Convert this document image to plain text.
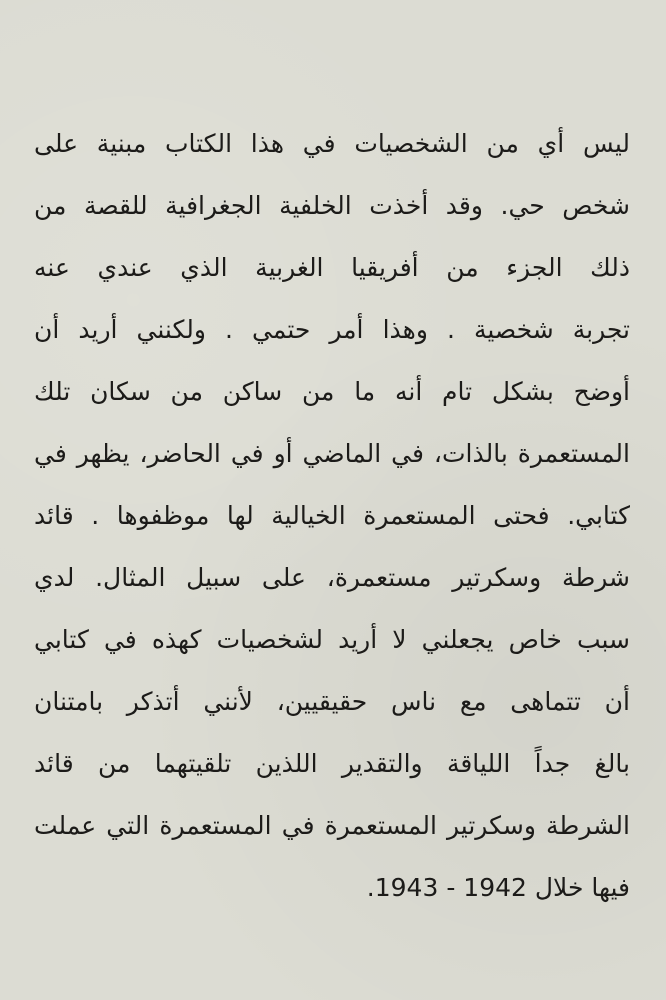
ليس أي من الشخصيات في هذا الكتاب مبنية على
شخص حي. وقد أخذت الخلفية الجغرافية للقصة من
ذلك الجزء من أفريقيا الغربية الذي عندي عنه
تجربة شخصية . وهذا أمر حتمي . ولكنني أريد أن
أوضح بشكل تام أنه ما من ساكن من سكان تلك
المستعمرة بالذات، في الماضي أو في الحاضر، يظهر في
كتابي. فحتى المستعمرة الخيالية لها موظفوها . قائد
شرطة وسكرتير مستعمرة، على سبيل المثال. لدي
سبب خاص يجعلني لا أريد لشخصيات كهذه في كتابي
أن تتماهى مع ناس حقيقيين، لأنني أتذكر بامتنان
بالغ جداً اللياقة والتقدير اللذين تلقيتهما من قائد
الشرطة وسكرتير المستعمرة في المستعمرة التي عملت
فيها خلال 1942 - 1943.
